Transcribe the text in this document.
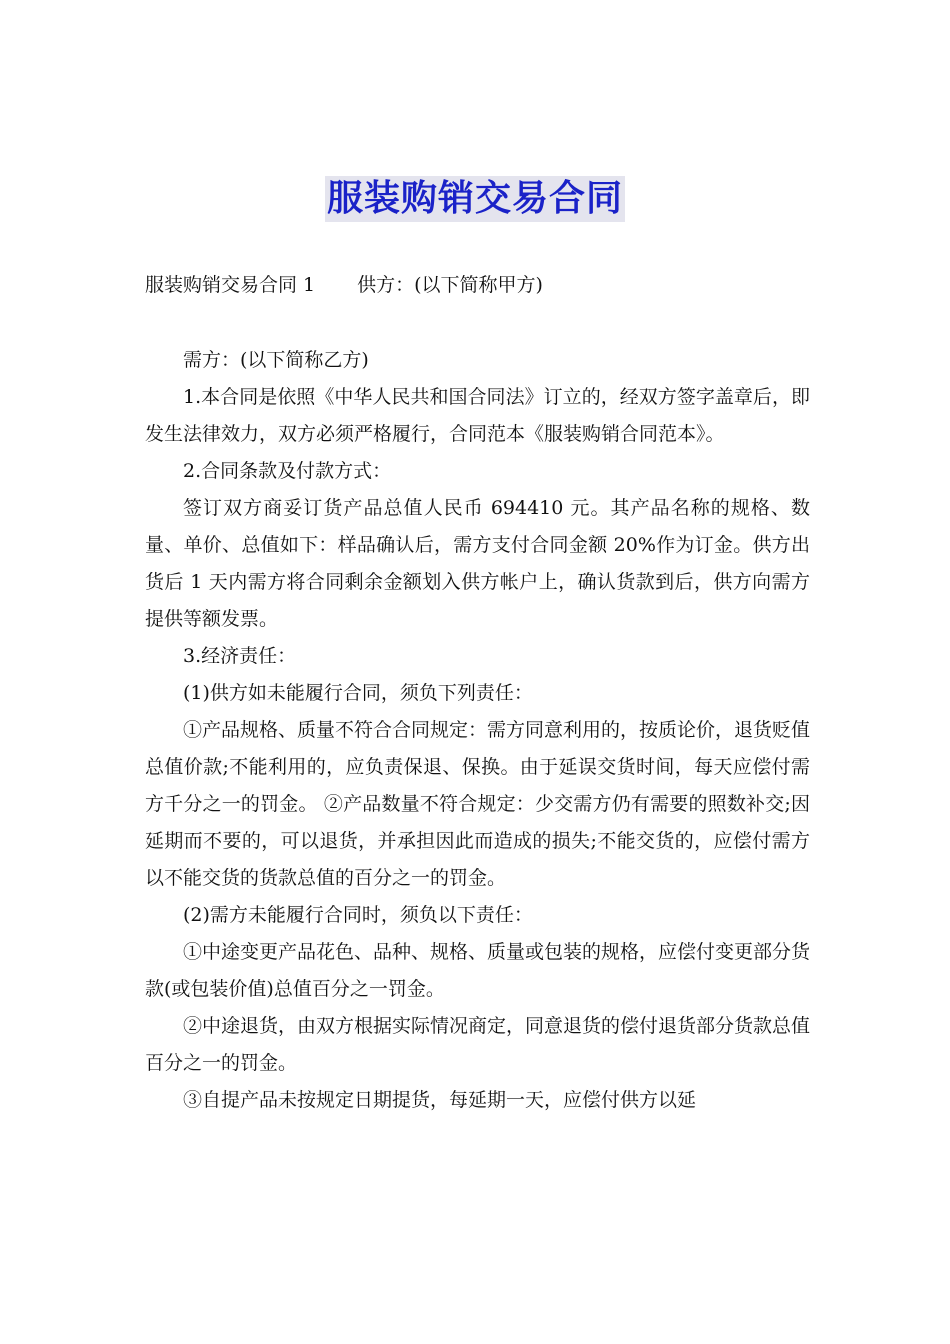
服装购销交易合同
服装购销交易合同 1 供方：(以下简称甲方)

需方：(以下简称乙方)

1.本合同是依照《中华人民共和国合同法》订立的，经双方签字盖章后，即发生法律效力，双方必须严格履行，合同范本《服装购销合同范本》。

2.合同条款及付款方式：

签订双方商妥订货产品总值人民币 694410 元。其产品名称的规格、数量、单价、总值如下：样品确认后，需方支付合同金额 20%作为订金。供方出货后 1 天内需方将合同剩余金额划入供方帐户上，确认货款到后，供方向需方提供等额发票。

3.经济责任：

(1)供方如未能履行合同，须负下列责任：

①产品规格、质量不符合合同规定：需方同意利用的，按质论价，退货贬值总值价款;不能利用的，应负责保退、保换。由于延误交货时间，每天应偿付需方千分之一的罚金。 ②产品数量不符合规定：少交需方仍有需要的照数补交;因延期而不要的，可以退货，并承担因此而造成的损失;不能交货的，应偿付需方以不能交货的货款总值的百分之一的罚金。

(2)需方未能履行合同时，须负以下责任：

①中途变更产品花色、品种、规格、质量或包装的规格，应偿付变更部分货款(或包装价值)总值百分之一罚金。

②中途退货，由双方根据实际情况商定，同意退货的偿付退货部分货款总值百分之一的罚金。

③自提产品未按规定日期提货，每延期一天，应偿付供方以延
